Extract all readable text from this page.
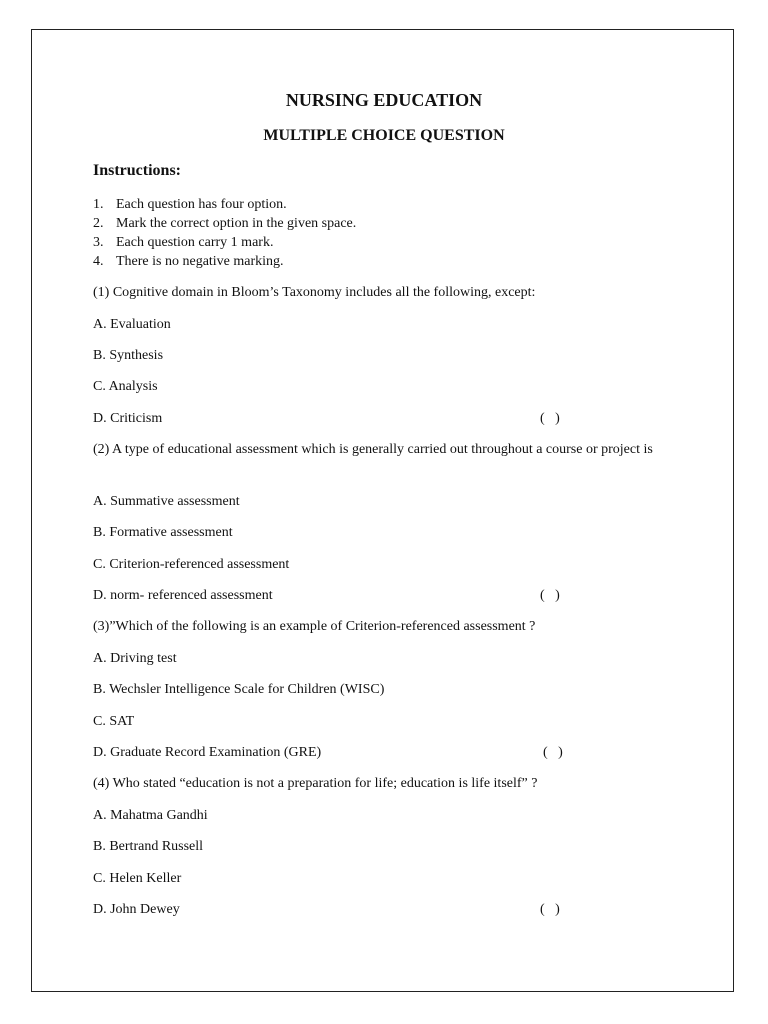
NURSING EDUCATION
MULTIPLE CHOICE QUESTION
Instructions:
1. Each question has four option.
2. Mark the correct option in the given space.
3. Each question carry 1 mark.
4. There is no negative marking.
(1) Cognitive domain in Bloom’s Taxonomy includes all the following, except:
A. Evaluation
B. Synthesis
C. Analysis
D. Criticism	(   )
(2) A type of educational assessment which is generally carried out throughout a course or project is
A. Summative assessment
B. Formative assessment
C. Criterion-referenced assessment
D. norm- referenced assessment	(   )
(3)”Which of the following is an example of Criterion-referenced assessment ?
A. Driving test
B. Wechsler Intelligence Scale for Children (WISC)
C. SAT
D. Graduate Record Examination (GRE)	(   )
(4) Who stated “education is not a preparation for life; education is life itself” ?
A. Mahatma Gandhi
B. Bertrand Russell
C. Helen Keller
D. John Dewey	(   )
